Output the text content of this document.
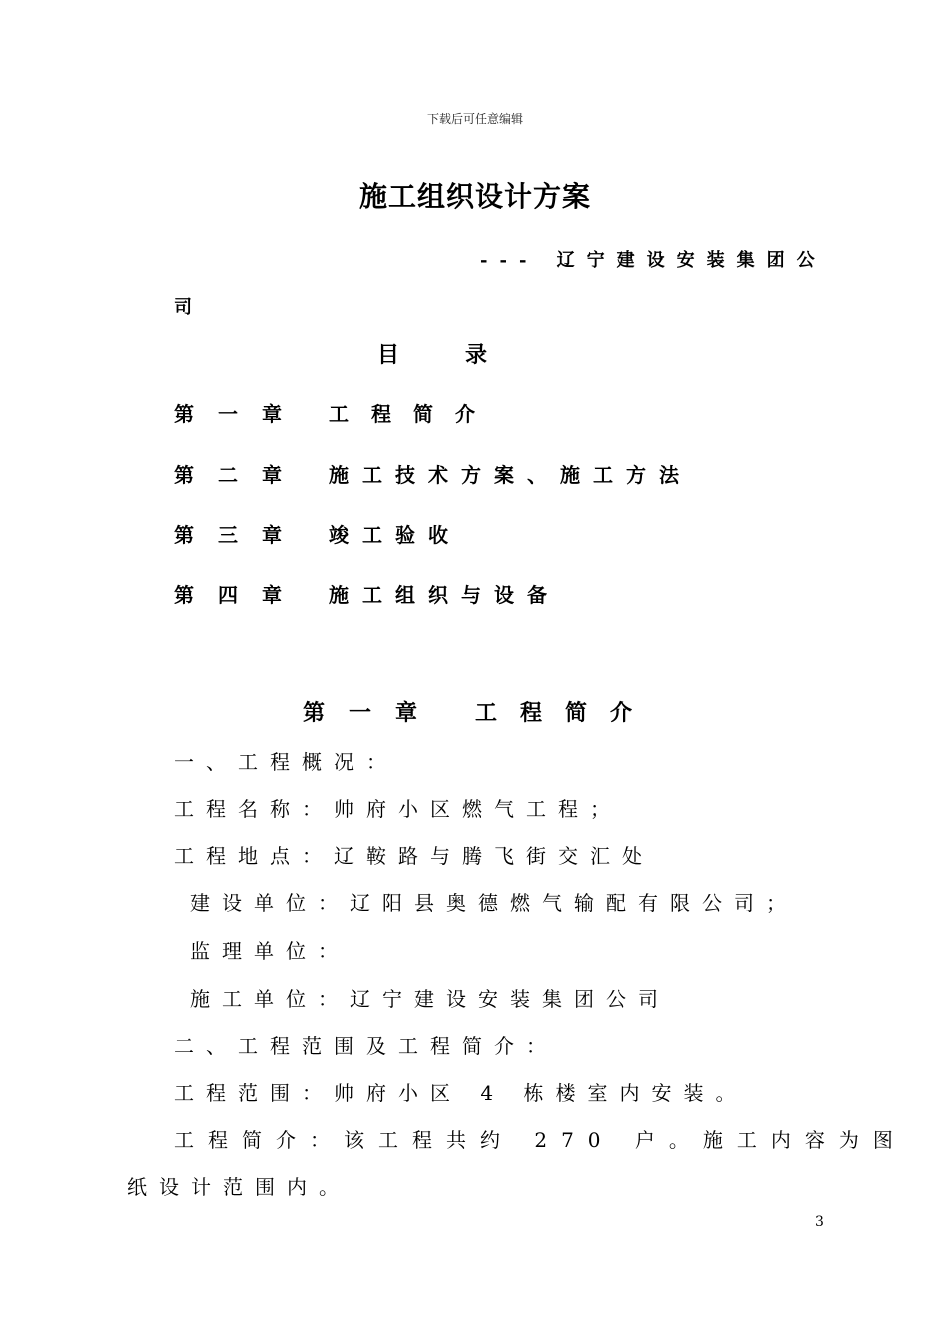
下载后可任意编辑
施工组织设计方案
--- 辽宁建设安装集团公
司
目录
第一章 工程简介
第二章 施工技术方案、施工方法
第三章 竣工验收
第四章 施工组织与设备
第一章 工程简介
一、工程概况：
工程名称：帅府小区燃气工程；
工程地点：辽鞍路与腾飞街交汇处
建设单位：辽阳县奥德燃气输配有限公司；
监理单位：
施工单位：辽宁建设安装集团公司
二、工程范围及工程简介：
工程范围：帅府小区 4 栋楼室内安装。
工程简介：该工程共约 270 户。施工内容为图
纸设计范围内。
3
